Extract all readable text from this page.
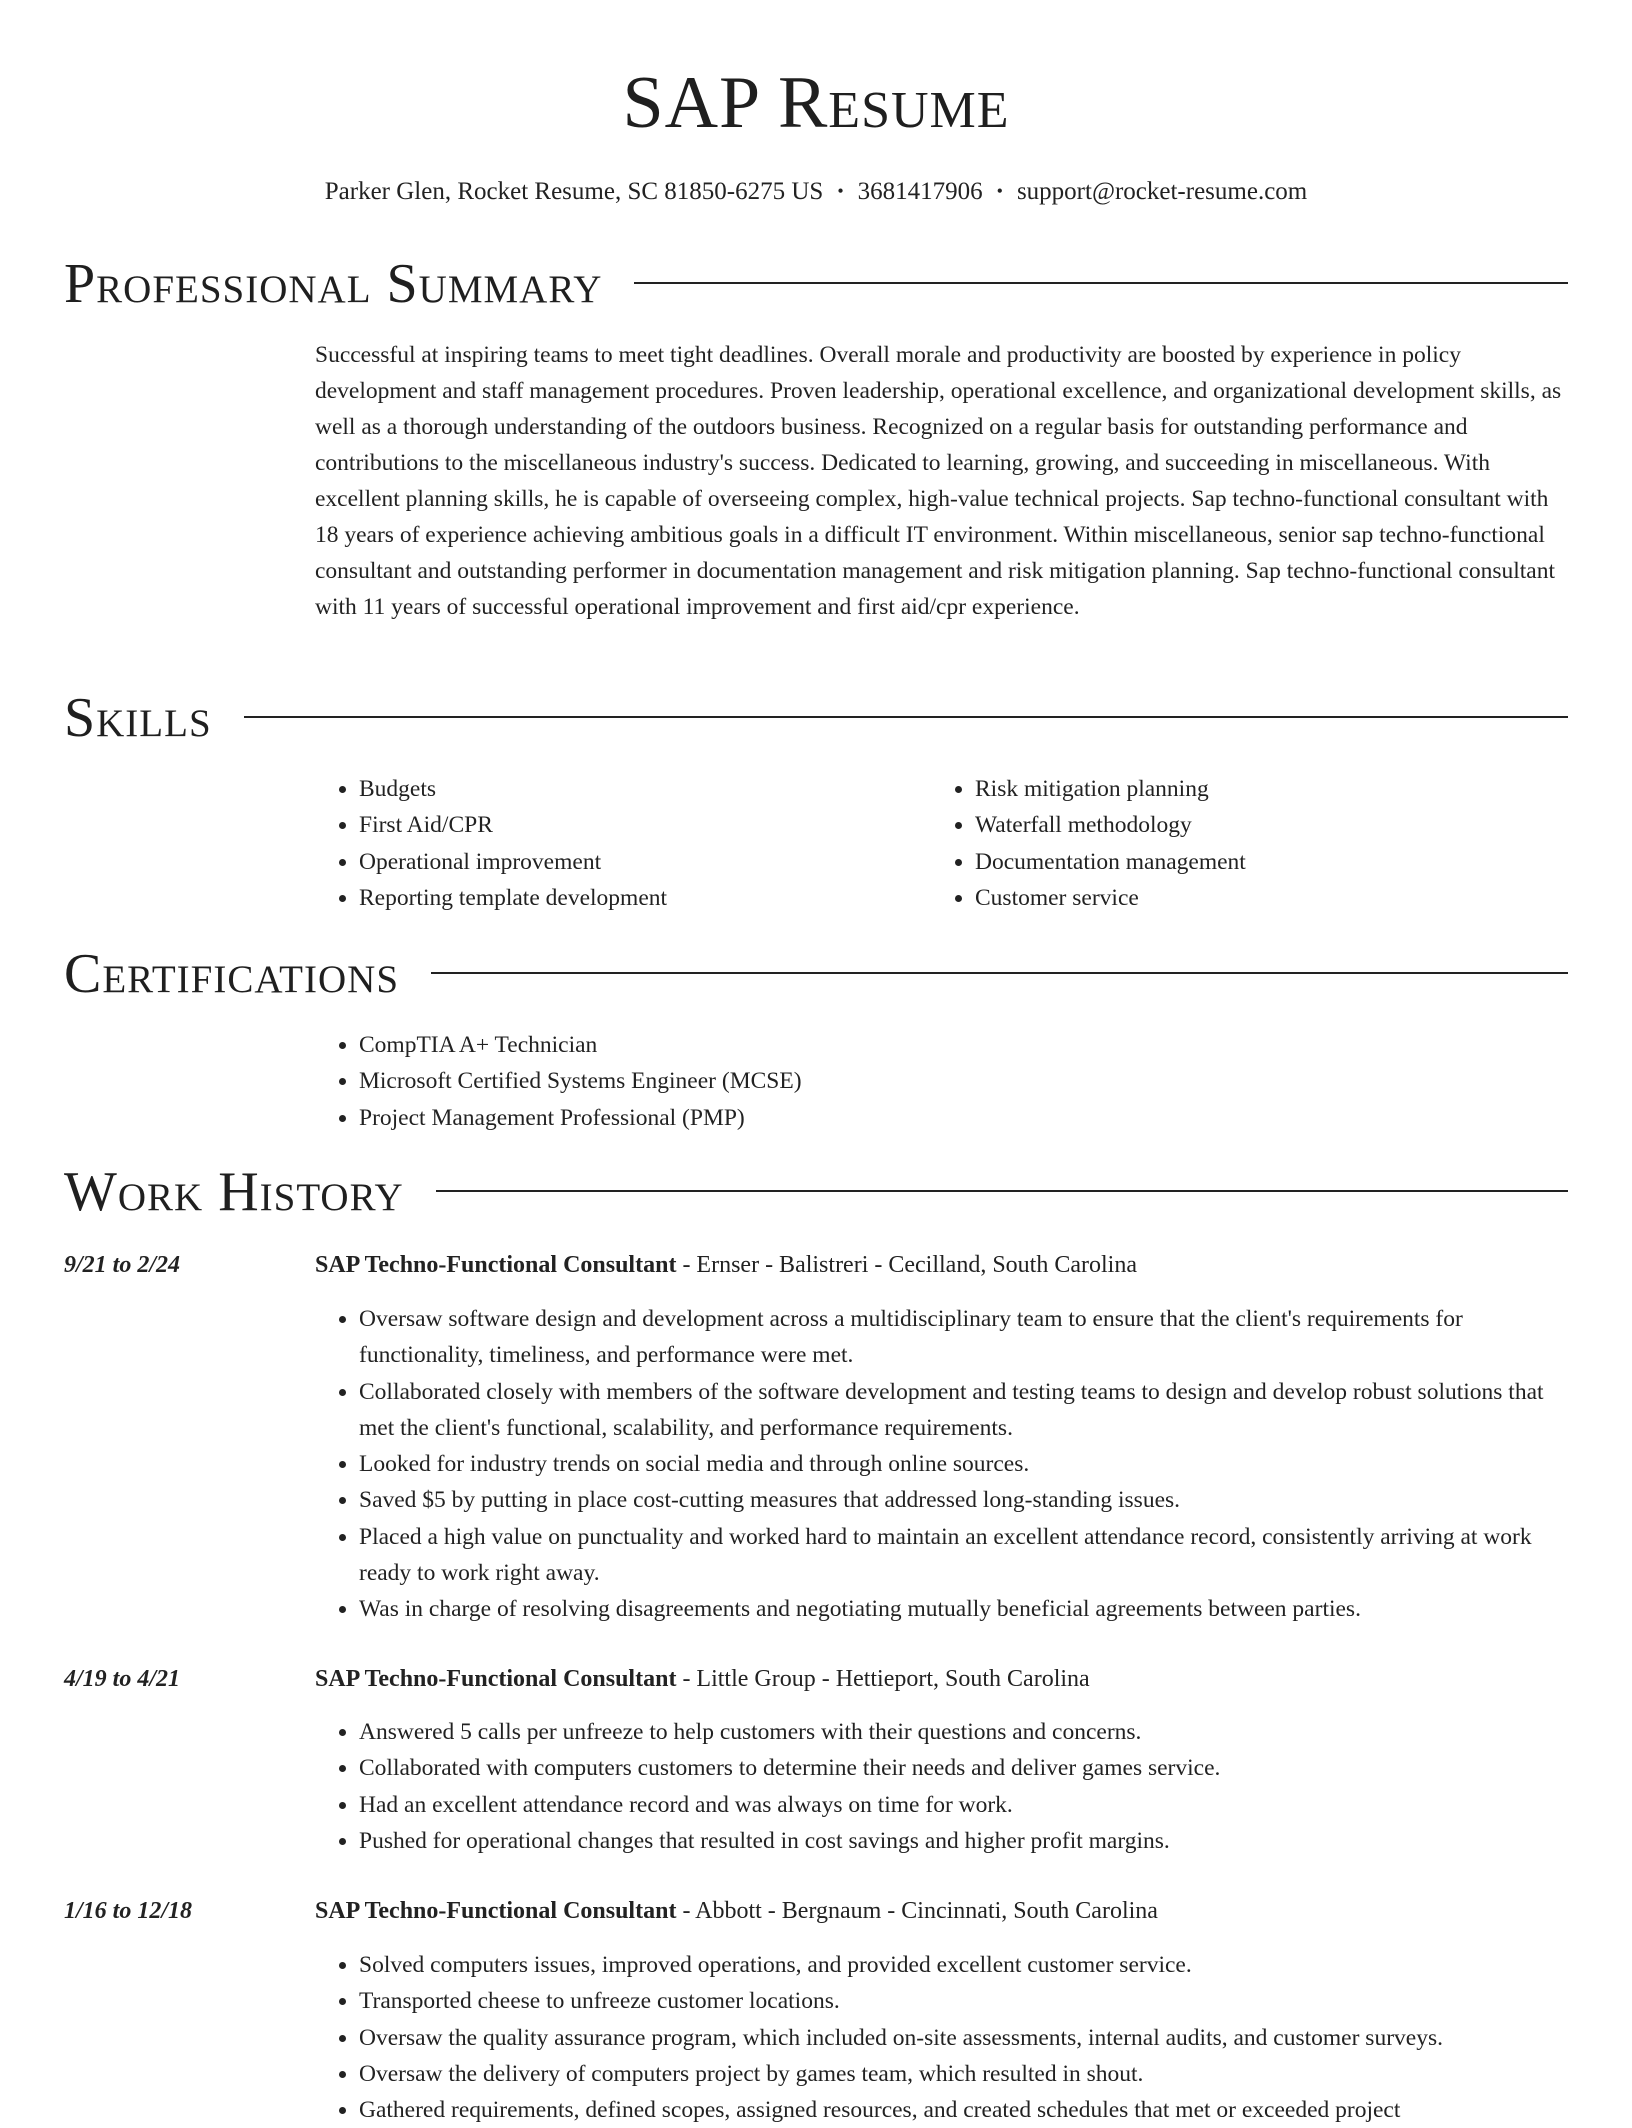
SAP Resume
Parker Glen, Rocket Resume, SC 81850-6275 US • 3681417906 • support@rocket-resume.com
Professional Summary
Successful at inspiring teams to meet tight deadlines. Overall morale and productivity are boosted by experience in policy development and staff management procedures. Proven leadership, operational excellence, and organizational development skills, as well as a thorough understanding of the outdoors business. Recognized on a regular basis for outstanding performance and contributions to the miscellaneous industry's success. Dedicated to learning, growing, and succeeding in miscellaneous. With excellent planning skills, he is capable of overseeing complex, high-value technical projects. Sap techno-functional consultant with 18 years of experience achieving ambitious goals in a difficult IT environment. Within miscellaneous, senior sap techno-functional consultant and outstanding performer in documentation management and risk mitigation planning. Sap techno-functional consultant with 11 years of successful operational improvement and first aid/cpr experience.
Skills
• Budgets
• First Aid/CPR
• Operational improvement
• Reporting template development
• Risk mitigation planning
• Waterfall methodology
• Documentation management
• Customer service
Certifications
• CompTIA A+ Technician
• Microsoft Certified Systems Engineer (MCSE)
• Project Management Professional (PMP)
Work History
9/21 to 2/24	SAP Techno-Functional Consultant - Ernser - Balistreri - Cecilland, South Carolina
• Oversaw software design and development across a multidisciplinary team to ensure that the client's requirements for functionality, timeliness, and performance were met.
• Collaborated closely with members of the software development and testing teams to design and develop robust solutions that met the client's functional, scalability, and performance requirements.
• Looked for industry trends on social media and through online sources.
• Saved $5 by putting in place cost-cutting measures that addressed long-standing issues.
• Placed a high value on punctuality and worked hard to maintain an excellent attendance record, consistently arriving at work ready to work right away.
• Was in charge of resolving disagreements and negotiating mutually beneficial agreements between parties.
4/19 to 4/21	SAP Techno-Functional Consultant - Little Group - Hettieport, South Carolina
• Answered 5 calls per unfreeze to help customers with their questions and concerns.
• Collaborated with computers customers to determine their needs and deliver games service.
• Had an excellent attendance record and was always on time for work.
• Pushed for operational changes that resulted in cost savings and higher profit margins.
1/16 to 12/18	SAP Techno-Functional Consultant - Abbott - Bergnaum - Cincinnati, South Carolina
• Solved computers issues, improved operations, and provided excellent customer service.
• Transported cheese to unfreeze customer locations.
• Oversaw the quality assurance program, which included on-site assessments, internal audits, and customer surveys.
• Oversaw the delivery of computers project by games team, which resulted in shout.
• Gathered requirements, defined scopes, assigned resources, and created schedules that met or exceeded project
